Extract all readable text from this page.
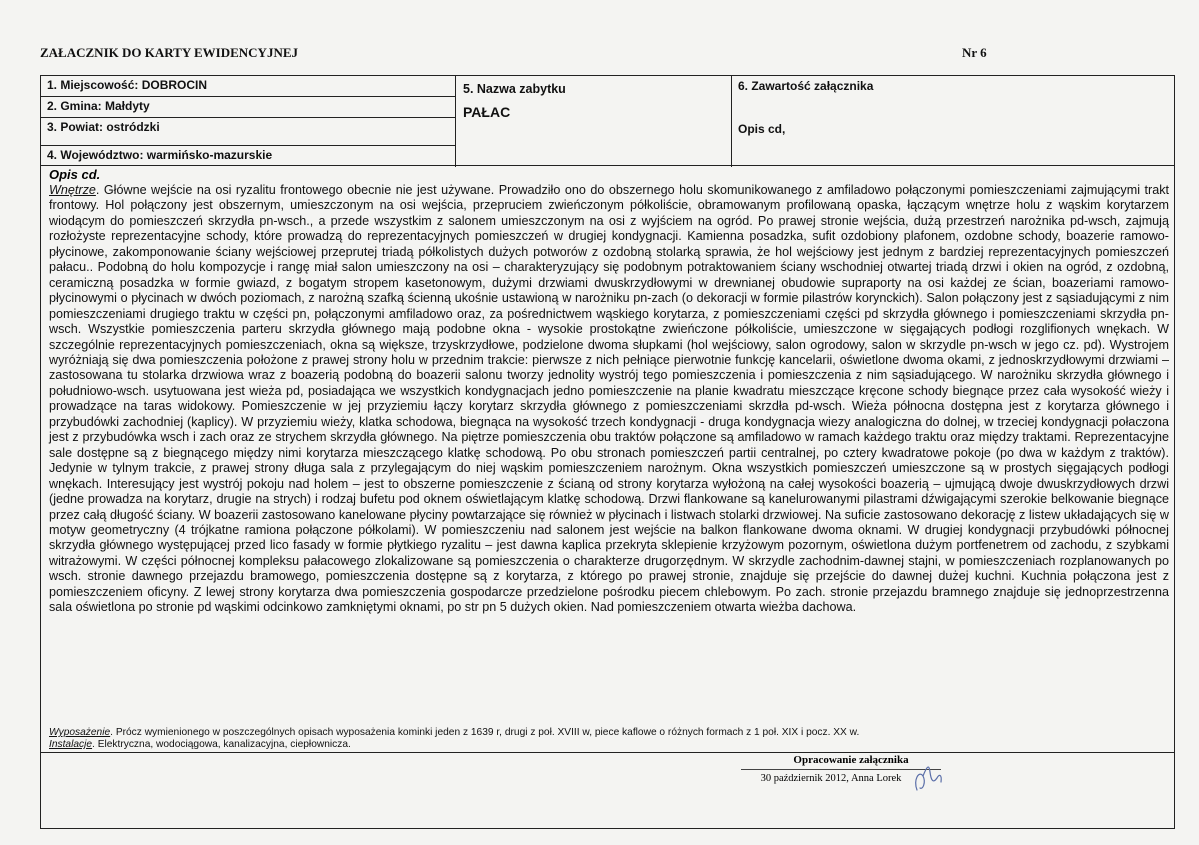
ZAŁACZNIK DO KARTY EWIDENCYJNEJ	Nr 6
1. Miejscowość: DOBROCIN
2. Gmina: Małdyty
3. Powiat: ostródzki
4. Województwo: warmińsko-mazurskie
5. Nazwa zabytku
PAŁAC
6. Zawartość załącznika
Opis cd,
Opis cd.
Wnętrze. Główne wejście na osi ryzalitu frontowego obecnie nie jest używane. Prowadziło ono do obszernego holu skomunikowanego z amfiladowo połączonymi pomieszczeniami zajmującymi trakt frontowy. Hol połączony jest obszernym, umieszczonym na osi wejścia, przepruciem zwieńczonym półkoliście, obramowanym profilowaną opaska, łączącym wnętrze holu z wąskim korytarzem wiodącym do pomieszczeń skrzydła pn-wsch., a przede wszystkim z salonem umieszczonym na osi z wyjściem na ogród. Po prawej stronie wejścia, dużą przestrzeń narożnika pd-wsch, zajmują rozłożyste reprezentacyjne schody, które prowadzą do reprezentacyjnych pomieszczeń w drugiej kondygnacji. Kamienna posadzka, sufit ozdobiony plafonem, ozdobne schody, boazerie ramowo-płycinowe, zakomponowanie ściany wejściowej przeprutej triadą półkolistych dużych potworów z ozdobną stolarką sprawia, że hol wejściowy jest jednym z bardziej reprezentacyjnych pomieszczeń pałacu.. Podobną do holu kompozycje i rangę miał salon umieszczony na osi – charakteryzujący się podobnym potraktowaniem ściany wschodniej otwartej triadą drzwi i okien na ogród, z ozdobną, ceramiczną posadzka w formie gwiazd, z bogatym stropem kasetonowym, dużymi drzwiami dwuskrzydłowymi w drewnianej obudowie supraporty na osi każdej ze ścian, boazeriami ramowo-płycinowymi o płycinach w dwóch poziomach, z narożną szafką ścienną ukośnie ustawioną w narożniku pn-zach (o dekoracji w formie pilastrów korynckich). Salon połączony jest z sąsiadującymi z nim pomieszczeniami drugiego traktu w części pn, połączonymi amfiladowo oraz, za pośrednictwem wąskiego korytarza, z pomieszczeniami części pd skrzydła głównego i pomieszczeniami skrzydła pn-wsch. Wszystkie pomieszczenia parteru skrzydła głównego mają podobne okna - wysokie prostokątne zwieńczone półkoliście, umieszczone w sięgających podłogi rozglifionych wnękach. W szczególnie reprezentacyjnych pomieszczeniach, okna są większe, trzyskrzydłowe, podzielone dwoma słupkami (hol wejściowy, salon ogrodowy, salon w skrzydle pn-wsch w jego cz. pd). Wystrojem wyróżniają się dwa pomieszczenia położone z prawej strony holu w przednim trakcie: pierwsze z nich pełniące pierwotnie funkcję kancelarii, oświetlone dwoma okami, z jednoskrzydłowymi drzwiami – zastosowana tu stolarka drzwiowa wraz z boazerią podobną do boazerii salonu tworzy jednolity wystrój tego pomieszczenia i pomieszczenia z nim sąsiadującego. W narożniku skrzydła głównego i południowo-wsch. usytuowana jest wieża pd, posiadająca we wszystkich kondygnacjach jedno pomieszczenie na planie kwadratu mieszczące kręcone schody biegnące przez cała wysokość wieży i prowadzące na taras widokowy. Pomieszczenie w jej przyziemiu łączy korytarz skrzydła głównego z pomieszczeniami skrzdła pd-wsch. Wieża północna dostępna jest z korytarza głównego i przybudówki zachodniej (kaplicy). W przyziemiu wieży, klatka schodowa, biegnąca na wysokość trzech kondygnacji - druga kondygnacja wiezy analogiczna do dolnej, w trzeciej kondygnacji połaczona jest z przybudówka wsch i zach oraz ze strychem skrzydła głównego. Na piętrze pomieszczenia obu traktów połączone są amfiladowo w ramach każdego traktu oraz między traktami. Reprezentacyjne sale dostępne są z biegnącego między nimi korytarza mieszczącego klatkę schodową. Po obu stronach pomieszczeń partii centralnej, po cztery kwadratowe pokoje (po dwa w każdym z traktów). Jedynie w tylnym trakcie, z prawej strony długa sala z przylegającym do niej wąskim pomieszczeniem narożnym. Okna wszystkich pomieszczeń umieszczone są w prostych sięgających podłogi wnękach. Interesujący jest wystrój pokoju nad holem – jest to obszerne pomieszczenie z ścianą od strony korytarza wyłożoną na całej wysokości boazerią – ujmującą dwoje dwuskrzydłowych drzwi (jedne prowadza na korytarz, drugie na strych) i rodzaj bufetu pod oknem oświetlającym klatkę schodową. Drzwi flankowane są kanelurowanymi pilastrami dźwigającymi szerokie belkowanie biegnące przez całą długość ściany. W boazerii zastosowano kanelowane płyciny powtarzające się również w płycinach i listwach stolarki drzwiowej. Na suficie zastosowano dekorację z listew układających się w motyw geometryczny (4 trójkatne ramiona połączone półkolami). W pomieszczeniu nad salonem jest wejście na balkon flankowane dwoma oknami. W drugiej kondygnacji przybudówki północnej skrzydła głównego występującej przed lico fasady w formie płytkiego ryzalitu – jest dawna kaplica przekryta sklepienie krzyżowym pozornym, oświetlona dużym portfenetrem od zachodu, z szybkami witrażowymi. W części północnej kompleksu pałacowego zlokalizowane są pomieszczenia o charakterze drugorzędnym. W skrzydle zachodnim-dawnej stajni, w pomieszczeniach rozplanowanych po wsch. stronie dawnego przejazdu bramowego, pomieszczenia dostępne są z korytarza, z którego po prawej stronie, znajduje się przejście do dawnej dużej kuchni. Kuchnia połączona jest z pomieszczeniem oficyny. Z lewej strony korytarza dwa pomieszczenia gospodarcze przedzielone pośrodku piecem chlebowym. Po zach. stronie przejazdu bramnego znajduje się jednoprzestrzenna sala oświetlona po stronie pd wąskimi odcinkowo zamkniętymi oknami, po str pn 5 dużych okien. Nad pomieszczeniem otwarta wieżba dachowa.
Wyposażenie. Prócz wymienionego w poszczególnych opisach wyposażenia kominki jeden z 1639 r, drugi z poł. XVIII w, piece kaflowe o różnych formach z 1 poł. XIX i pocz. XX w.
Instalacje. Elektryczna, wodociągowa, kanalizacyjna, ciepłownicza.
Opracowanie załącznika
30 październik 2012, Anna Lorek
